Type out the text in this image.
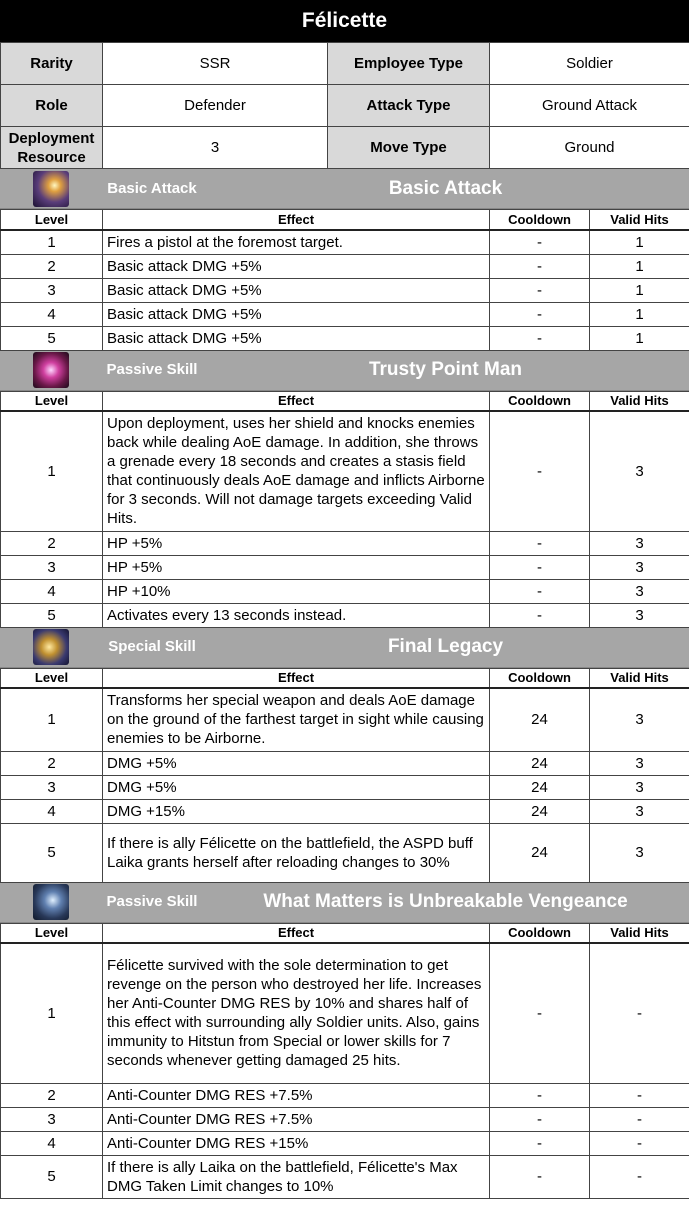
Félicette
Rarity	SSR	Employee Type	Soldier
Role	Defender	Attack Type	Ground Attack
Deployment Resource	3	Move Type	Ground
Basic Attack	Basic Attack
Level	Effect	Cooldown	Valid Hits
1	Fires a pistol at the foremost target.	-	1
2	Basic attack DMG +5%	-	1
3	Basic attack DMG +5%	-	1
4	Basic attack DMG +5%	-	1
5	Basic attack DMG +5%	-	1
Passive Skill	Trusty Point Man
Level	Effect	Cooldown	Valid Hits
1	Upon deployment, uses her shield and knocks enemies back while dealing AoE damage. In addition, she throws a grenade every 18 seconds and creates a stasis field that continuously deals AoE damage and inflicts Airborne for 3 seconds. Will not damage targets exceeding Valid Hits.	-	3
2	HP +5%	-	3
3	HP +5%	-	3
4	HP +10%	-	3
5	Activates every 13 seconds instead.	-	3
Special Skill	Final Legacy
Level	Effect	Cooldown	Valid Hits
1	Transforms her special weapon and deals AoE damage on the ground of the farthest target in sight while causing enemies to be Airborne.	24	3
2	DMG +5%	24	3
3	DMG +5%	24	3
4	DMG +15%	24	3
5	If there is ally Félicette on the battlefield, the ASPD buff Laika grants herself after reloading changes to 30%	24	3
Passive Skill	What Matters is Unbreakable Vengeance
Level	Effect	Cooldown	Valid Hits
1	Félicette survived with the sole determination to get revenge on the person who destroyed her life. Increases her Anti-Counter DMG RES by 10% and shares half of this effect with surrounding ally Soldier units. Also, gains immunity to Hitstun from Special or lower skills for 7 seconds whenever getting damaged 25 hits.	-	-
2	Anti-Counter DMG RES +7.5%	-	-
3	Anti-Counter DMG RES +7.5%	-	-
4	Anti-Counter DMG RES +15%	-	-
5	If there is ally Laika on the battlefield, Félicette's Max DMG Taken Limit changes to 10%	-	-
